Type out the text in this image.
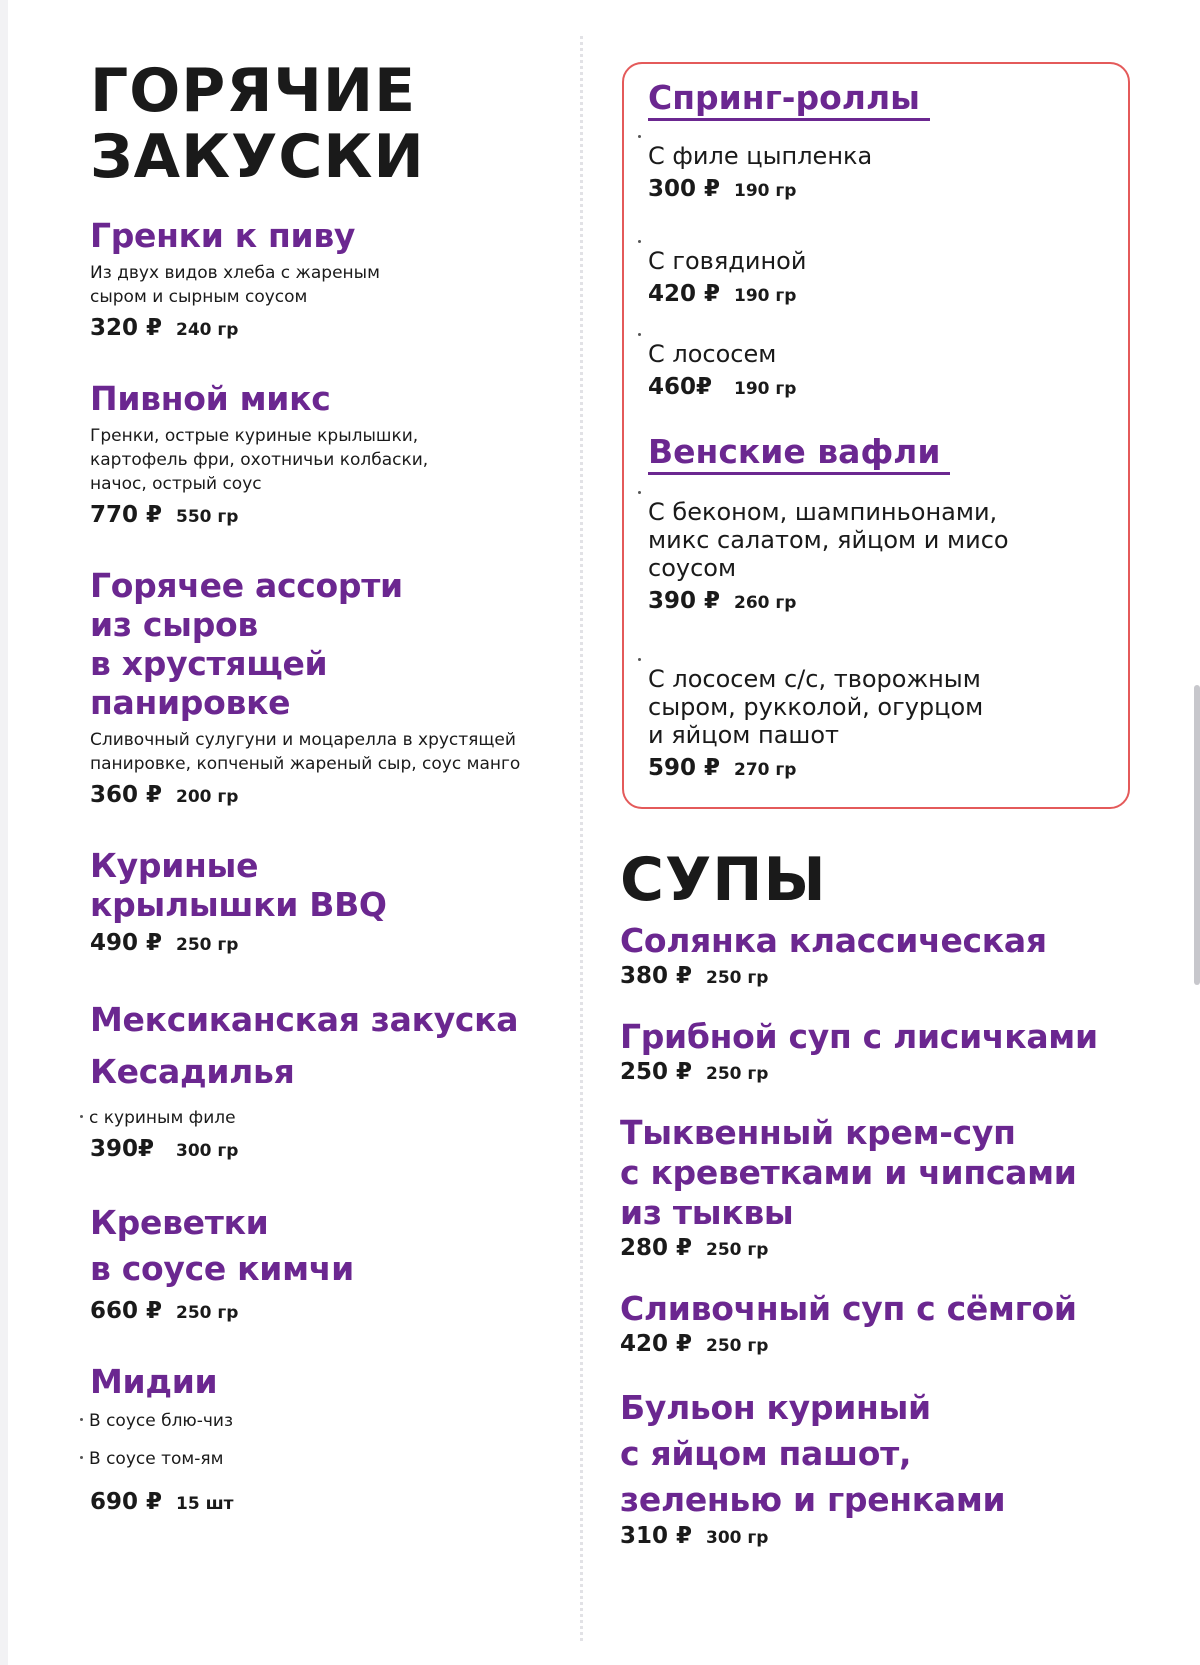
ГОРЯЧИЕ
ЗАКУСКИ
Гренки к пиву
Из двух видов хлеба с жареным
сыром и сырным соусом
320 ₽ 240 гр
Пивной микс
Гренки, острые куриные крылышки,
картофель фри, охотничьи колбаски,
начос, острый соус
770 ₽ 550 гр
Горячее ассорти
из сыров
в хрустящей
панировке
Сливочный сулугуни и моцарелла в хрустящей
панировке, копченый жареный сыр, соус манго
360 ₽ 200 гр
Куриные
крылышки BBQ
490 ₽ 250 гр
Мексиканская закуска
Кесадилья
с куриным филе
390₽	300 гр
Креветки
в соусе кимчи
660 ₽ 250 гр
Мидии
В соусе блю-чиз
В соусе том-ям
690 ₽ 15 шт
Спринг-роллы
С филе цыпленка
300 ₽ 190 гр
С говядиной
420 ₽ 190 гр
С лососем
460₽	190 гр
Венские вафли
С беконом, шампиньонами,
микс салатом, яйцом и мисо
соусом
390 ₽ 260 гр
С лососем с/с, творожным
сыром, рукколой, огурцом
и яйцом пашот
590 ₽ 270 гр
СУПЫ
Солянка классическая
380 ₽ 250 гр
Грибной суп с лисичками
250 ₽ 250 гр
Тыквенный крем-суп
с креветками и чипсами
из тыквы
280 ₽ 250 гр
Сливочный суп с сёмгой
420 ₽ 250 гр
Бульон куриный
с яйцом пашот,
зеленью и гренками
310 ₽ 300 гр
